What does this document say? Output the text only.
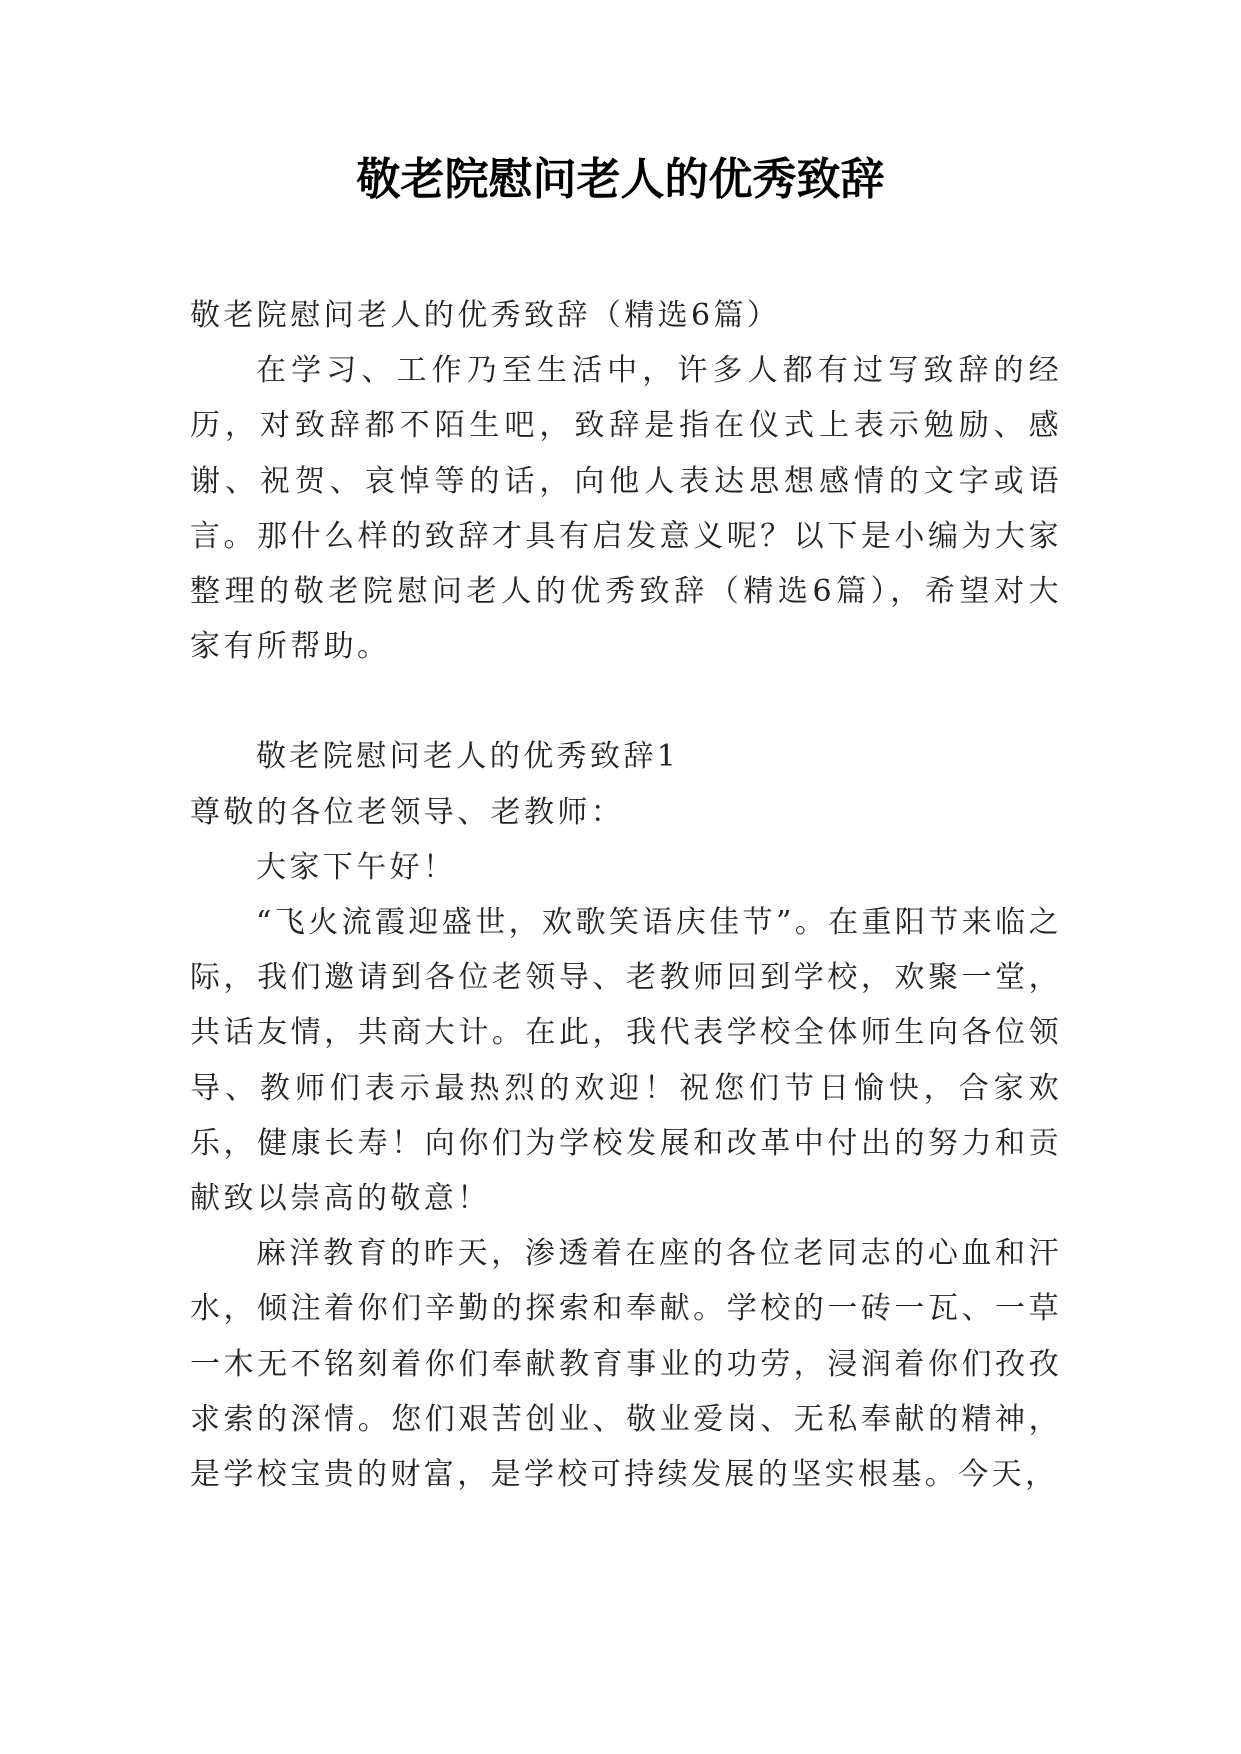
敬老院慰问老人的优秀致辞

敬老院慰问老人的优秀致辞（精选6篇）

在学习、工作乃至生活中，许多人都有过写致辞的经历，对致辞都不陌生吧，致辞是指在仪式上表示勉励、感谢、祝贺、哀悼等的话，向他人表达思想感情的文字或语言。那什么样的致辞才具有启发意义呢？以下是小编为大家整理的敬老院慰问老人的优秀致辞（精选6篇），希望对大家有所帮助。

敬老院慰问老人的优秀致辞1

尊敬的各位老领导、老教师：

大家下午好！

“飞火流霞迎盛世，欢歌笑语庆佳节”。在重阳节来临之际，我们邀请到各位老领导、老教师回到学校，欢聚一堂，共话友情，共商大计。在此，我代表学校全体师生向各位领导、教师们表示最热烈的欢迎！祝您们节日愉快，合家欢乐，健康长寿！向你们为学校发展和改革中付出的努力和贡献致以崇高的敬意！

麻洋教育的昨天，渗透着在座的各位老同志的心血和汗水，倾注着你们辛勤的探索和奉献。学校的一砖一瓦、一草一木无不铭刻着你们奉献教育事业的功劳，浸润着你们孜孜求索的深情。您们艰苦创业、敬业爱岗、无私奉献的精神，是学校宝贵的财富，是学校可持续发展的坚实根基。今天，
